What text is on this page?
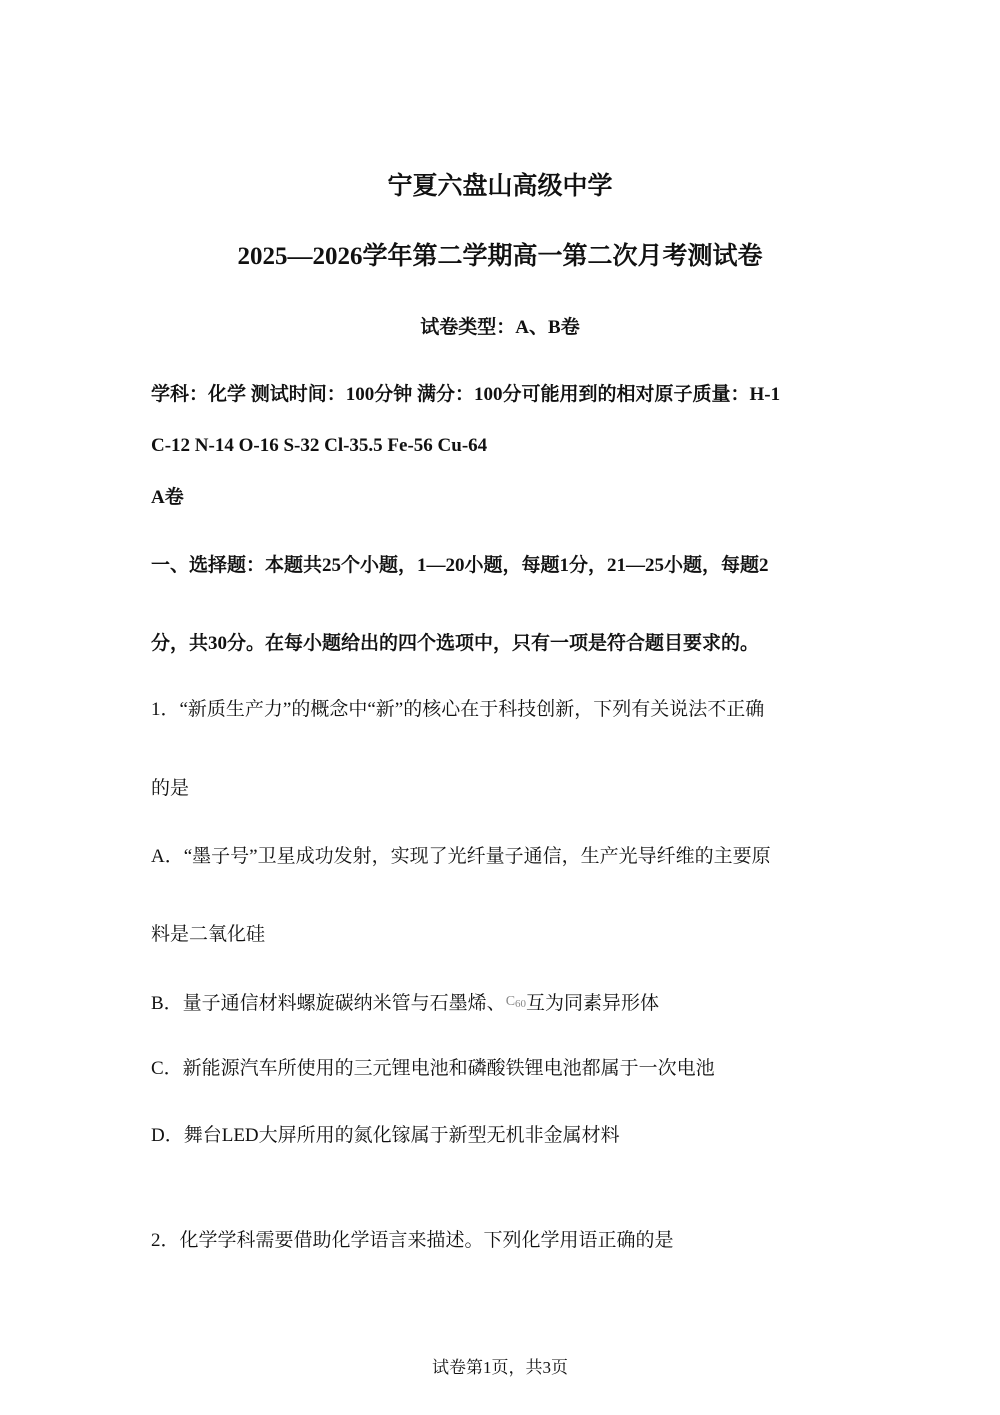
宁夏六盘山高级中学
2025—2026学年第二学期高一第二次月考测试卷
试卷类型：A、B卷
学科：化学 测试时间：100分钟 满分：100分可能用到的相对原子质量：H-1
C-12 N-14 O-16 S-32 Cl-35.5 Fe-56 Cu-64
A卷
一、选择题：本题共25个小题，1—20小题，每题1分，21—25小题，每题2
分，共30分。在每小题给出的四个选项中，只有一项是符合题目要求的。
1．“新质生产力”的概念中“新”的核心在于科技创新，下列有关说法不正确
的是
A．“墨子号”卫星成功发射，实现了光纤量子通信，生产光导纤维的主要原
料是二氧化硅
B．量子通信材料螺旋碳纳米管与石墨烯、$^{C60}$互为同素异形体
C．新能源汽车所使用的三元锂电池和磷酸铁锂电池都属于一次电池
D．舞台LED大屏所用的氮化镓属于新型无机非金属材料
2．化学学科需要借助化学语言来描述。下列化学用语正确的是
试卷第1页，共3页
